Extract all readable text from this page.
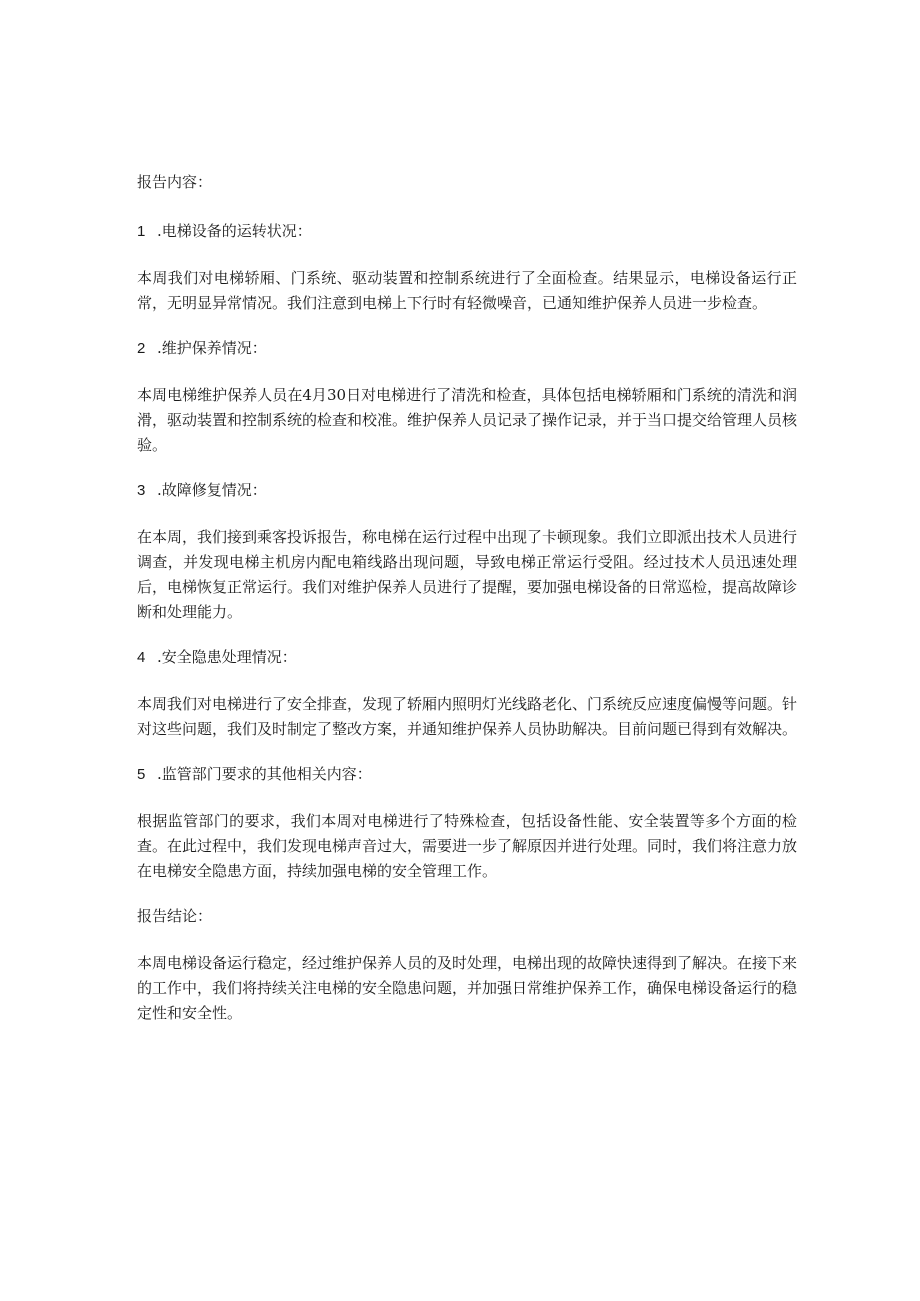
报告内容：

1 .电梯设备的运转状况：

本周我们对电梯轿厢、门系统、驱动装置和控制系统进行了全面检查。结果显示，电梯设备运行正常，无明显异常情况。我们注意到电梯上下行时有轻微噪音，已通知维护保养人员进一步检查。

2 .维护保养情况：

本周电梯维护保养人员在4月30日对电梯进行了清洗和检查，具体包括电梯轿厢和门系统的清洗和润滑，驱动装置和控制系统的检查和校准。维护保养人员记录了操作记录，并于当口提交给管理人员核验。

3 .故障修复情况：

在本周，我们接到乘客投诉报告，称电梯在运行过程中出现了卡顿现象。我们立即派出技术人员进行调查，并发现电梯主机房内配电箱线路出现问题，导致电梯正常运行受阻。经过技术人员迅速处理后，电梯恢复正常运行。我们对维护保养人员进行了提醒，要加强电梯设备的日常巡检，提高故障诊断和处理能力。

4 .安全隐患处理情况：

本周我们对电梯进行了安全排查，发现了轿厢内照明灯光线路老化、门系统反应速度偏慢等问题。针对这些问题，我们及时制定了整改方案，并通知维护保养人员协助解决。目前问题已得到有效解决。

5 .监管部门要求的其他相关内容：

根据监管部门的要求，我们本周对电梯进行了特殊检查，包括设备性能、安全装置等多个方面的检查。在此过程中，我们发现电梯声音过大，需要进一步了解原因并进行处理。同时，我们将注意力放在电梯安全隐患方面，持续加强电梯的安全管理工作。

报告结论：

本周电梯设备运行稳定，经过维护保养人员的及时处理，电梯出现的故障快速得到了解决。在接下来的工作中，我们将持续关注电梯的安全隐患问题，并加强日常维护保养工作，确保电梯设备运行的稳定性和安全性。
